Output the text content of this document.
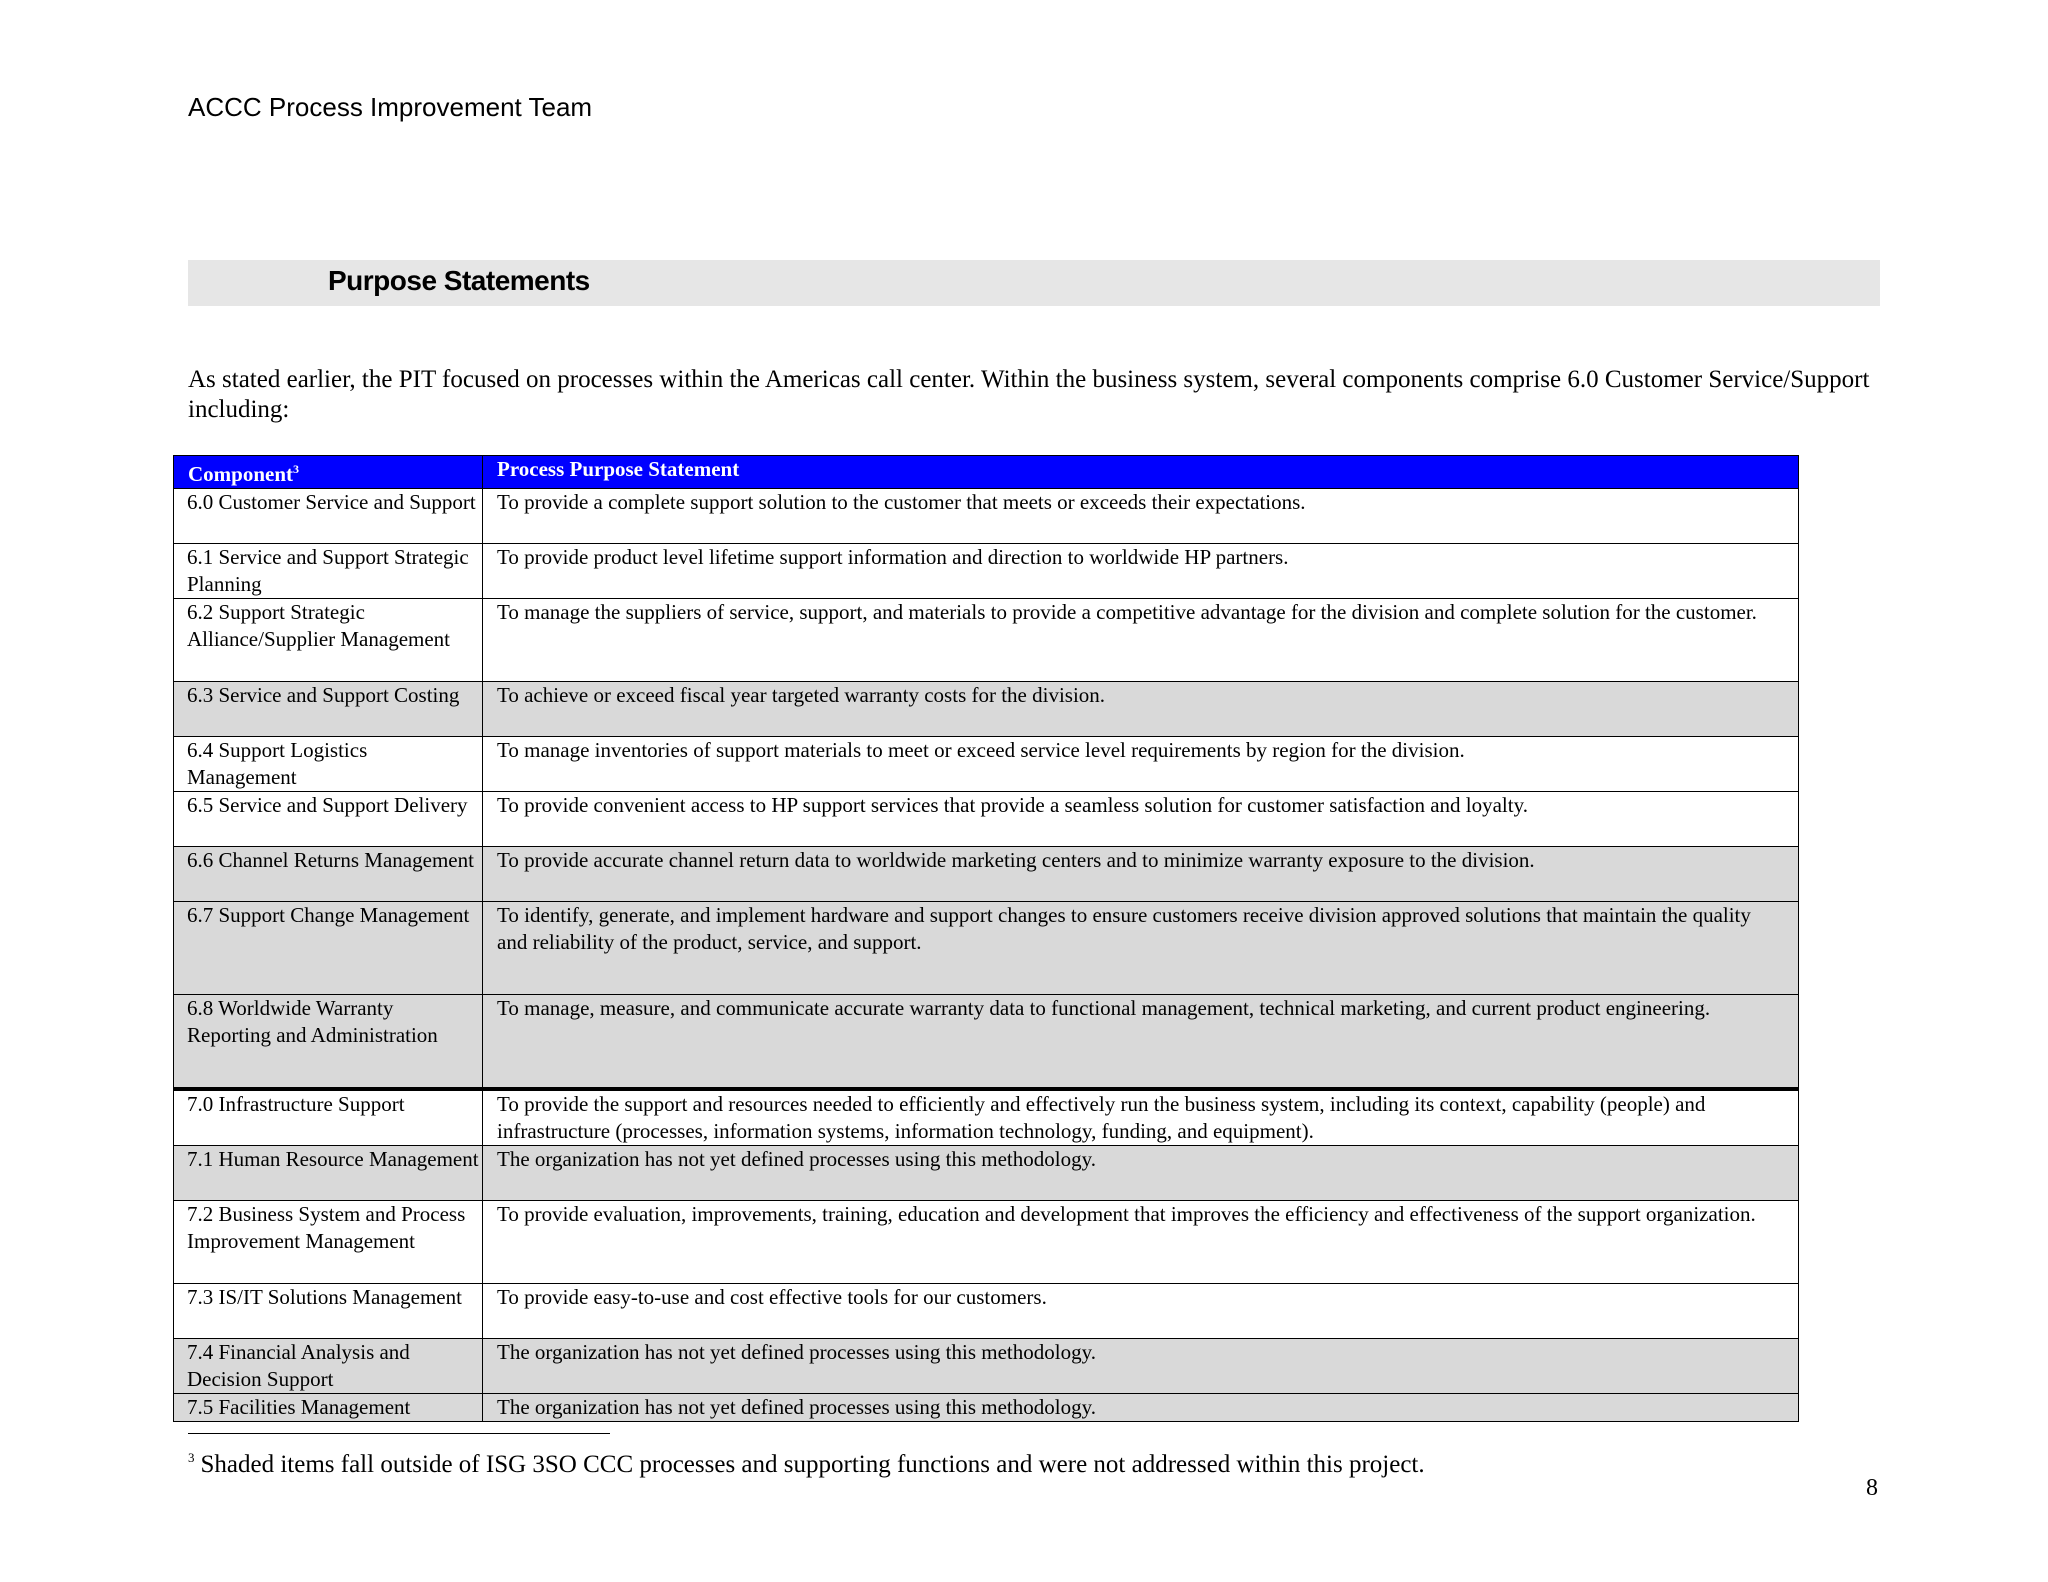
ACCC Process Improvement Team
Purpose Statements
As stated earlier, the PIT focused on processes within the Americas call center. Within the business system, several components comprise 6.0 Customer Service/Support including:
Component$^3$	Process Purpose Statement
6.0 Customer Service and Support	To provide a complete support solution to the customer that meets or exceeds their expectations.
6.1 Service and Support Strategic Planning	To provide product level lifetime support information and direction to worldwide HP partners.
6.2 Support Strategic Alliance/Supplier Management	To manage the suppliers of service, support, and materials to provide a competitive advantage for the division and complete solution for the customer.
6.3 Service and Support Costing	To achieve or exceed fiscal year targeted warranty costs for the division.
6.4 Support Logistics Management	To manage inventories of support materials to meet or exceed service level requirements by region for the division.
6.5 Service and Support Delivery	To provide convenient access to HP support services that provide a seamless solution for customer satisfaction and loyalty.
6.6 Channel Returns Management	To provide accurate channel return data to worldwide marketing centers and to minimize warranty exposure to the division.
6.7 Support Change Management	To identify, generate, and implement hardware and support changes to ensure customers receive division approved solutions that maintain the quality and reliability of the product, service, and support.
6.8 Worldwide Warranty Reporting and Administration	To manage, measure, and communicate accurate warranty data to functional management, technical marketing, and current product engineering.
7.0 Infrastructure Support	To provide the support and resources needed to efficiently and effectively run the business system, including its context, capability (people) and infrastructure (processes, information systems, information technology, funding, and equipment).
7.1 Human Resource Management	The organization has not yet defined processes using this methodology.
7.2 Business System and Process Improvement Management	To provide evaluation, improvements, training, education and development that improves the efficiency and effectiveness of the support organization.
7.3 IS/IT Solutions Management	To provide easy-to-use and cost effective tools for our customers.
7.4 Financial Analysis and Decision Support	The organization has not yet defined processes using this methodology.
7.5 Facilities Management	The organization has not yet defined processes using this methodology.
$^3$ Shaded items fall outside of ISG 3SO CCC processes and supporting functions and were not addressed within this project.
8
